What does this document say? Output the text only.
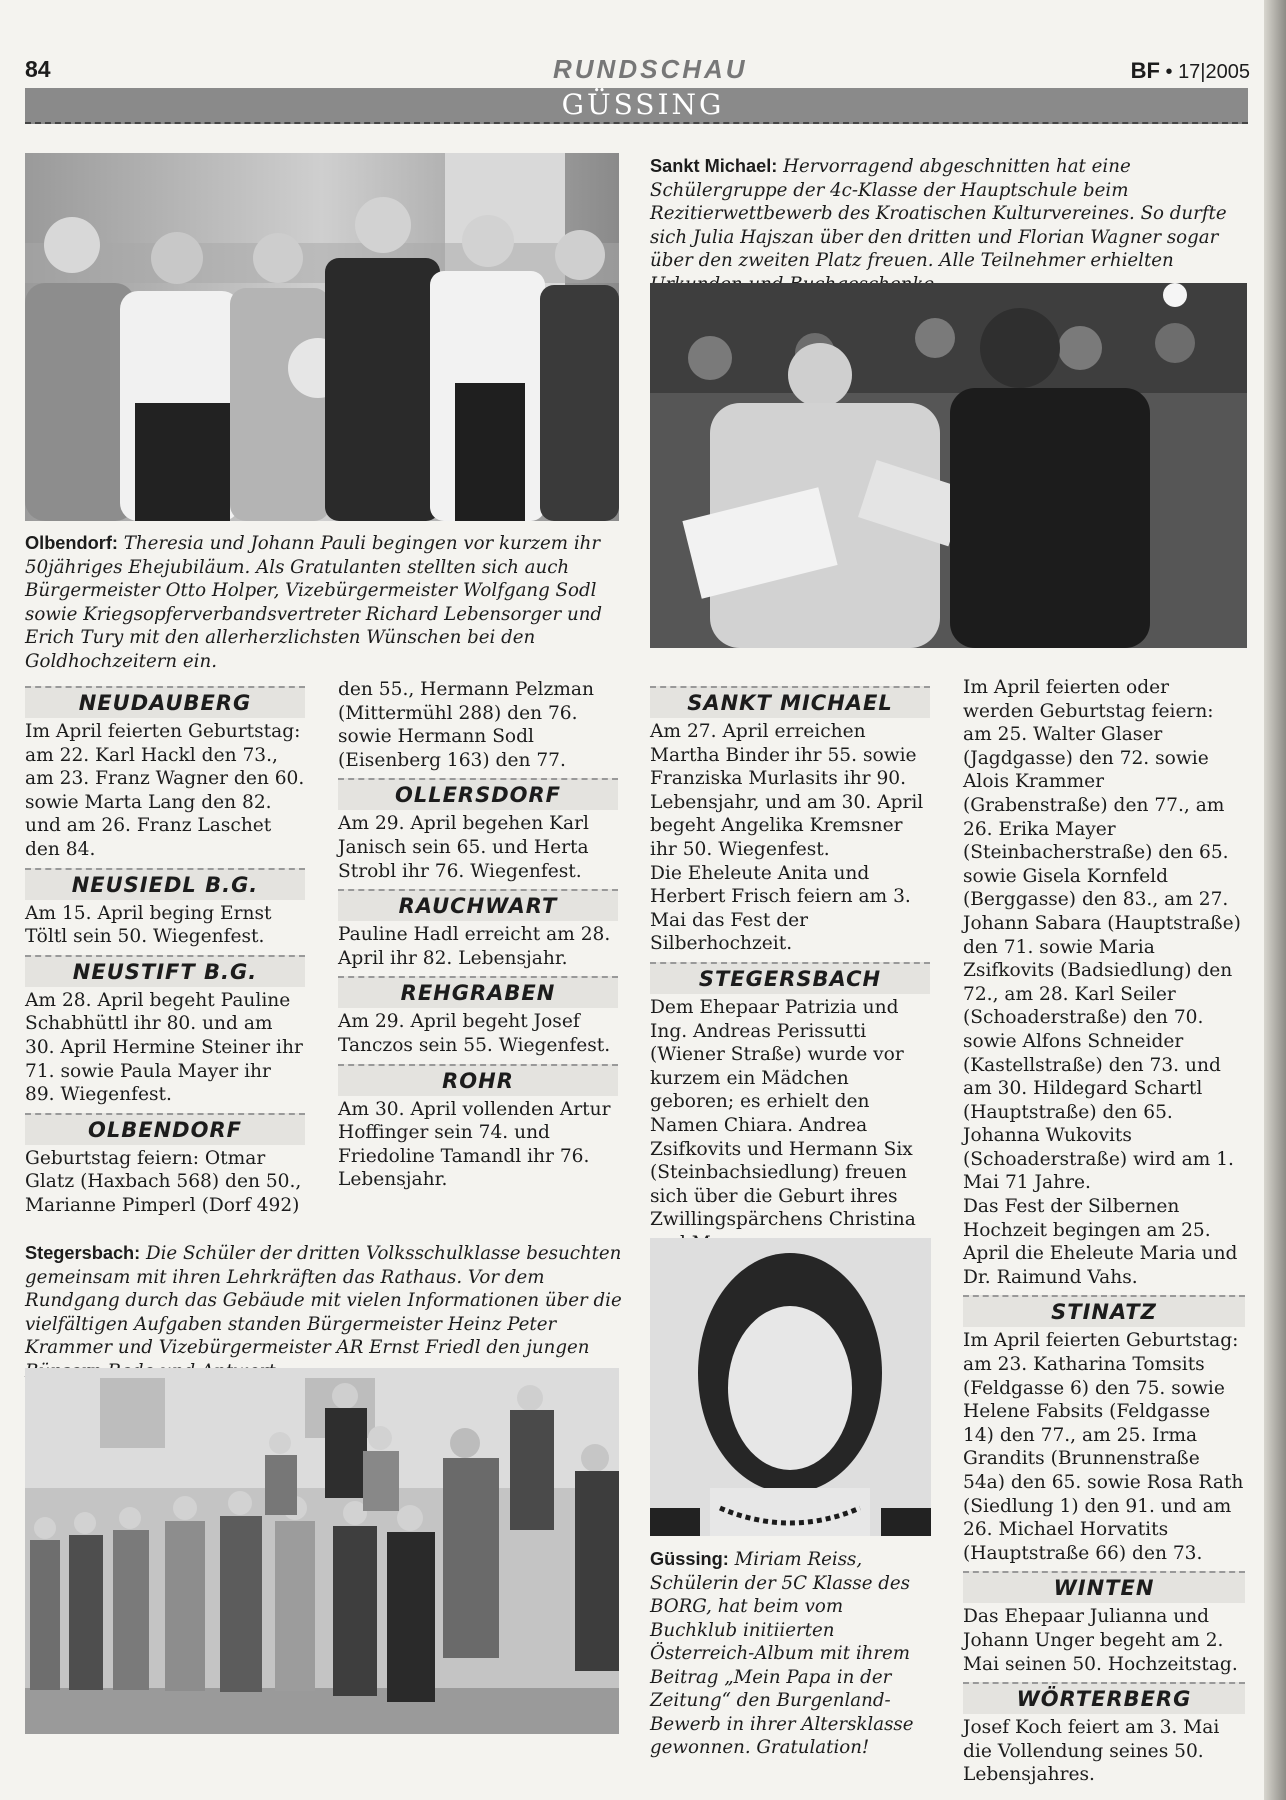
84	RUNDSCHAU	BF • 17|2005
GÜSSING
Olbendorf: Theresia und Johann Pauli begingen vor kurzem ihr 50jähriges Ehejubiläum. Als Gratulanten stellten sich auch Bürgermeister Otto Holper, Vizebürgermeister Wolfgang Sodl sowie Kriegsopferverbandsvertreter Richard Lebensorger und Erich Tury mit den allerherzlichsten Wünschen bei den Goldhochzeitern ein.
Sankt Michael: Hervorragend abgeschnitten hat eine Schülergruppe der 4c-Klasse der Hauptschule beim Rezitierwettbewerb des Kroatischen Kulturvereines. So durfte sich Julia Hajszan über den dritten und Florian Wagner sogar über den zweiten Platz freuen. Alle Teilnehmer erhielten
NEUDAUBERG

Im April feierten Geburtstag: am 22. Karl Hackl den 73., am 23. Franz Wagner den 60. sowie Marta Lang den 82. und am 26. Franz Laschet den 84.

NEUSIEDL B.G.

Am 15. April beging Ernst Töltl sein 50. Wiegenfest.

NEUSTIFT B.G.

Am 28. April begeht Pauline Schabhüttl ihr 80. und am 30. April Hermine Steiner ihr 71. sowie Paula Mayer ihr 89. Wiegenfest.

OLBENDORF

Geburtstag feiern: Otmar Glatz (Haxbach 568) den 50., Marianne Pimperl (Dorf 492)

den 55., Hermann Pelzman (Mittermühl 288) den 76. sowie Hermann Sodl (Eisenberg 163) den 77.

OLLERSDORF

Am 29. April begehen Karl Janisch sein 65. und Herta Strobl ihr 76. Wiegenfest.

RAUCHWART

Pauline Hadl erreicht am 28. April ihr 82. Lebensjahr.

REHGRABEN

Am 29. April begeht Josef Tanczos sein 55. Wiegenfest.

ROHR

Am 30. April vollenden Artur Hoffinger sein 74. und Friedoline Tamandl ihr 76. Lebensjahr.

SANKT MICHAEL

Am 27. April erreichen Martha Binder ihr 55. sowie Franziska Murlasits ihr 90. Lebensjahr, und am 30. April begeht Angelika Kremsner ihr 50. Wiegenfest.

Die Eheleute Anita und Herbert Frisch feiern am 3. Mai das Fest der Silberhochzeit.

STEGERSBACH

Dem Ehepaar Patrizia und Ing. Andreas Perissutti (Wiener Straße) wurde vor kurzem ein Mädchen geboren; es erhielt den Namen Chiara. Andrea Zsifkovits und Hermann Six (Steinbachsiedlung) freuen sich über die Geburt ihres Zwillingspärchens Christina

Im April feierten oder werden Geburtstag feiern: am 25. Walter Glaser (Jagdgasse) den 72. sowie Alois Krammer (Grabenstraße) den 77., am 26. Erika Mayer (Steinbacherstraße) den 65. sowie Gisela Kornfeld (Berggasse) den 83., am 27. Johann Sabara (Hauptstraße) den 71. sowie Maria Zsifkovits (Badsiedlung) den 72., am 28. Karl Seiler (Schoaderstraße) den 70. sowie Alfons Schneider (Kastellstraße) den 73. und am 30. Hildegard Schartl (Hauptstraße) den 65. Johanna Wukovits (Schoaderstraße) wird am 1. Mai 71 Jahre.

Das Fest der Silbernen Hochzeit begingen am 25. April die Eheleute Maria und Dr. Raimund Vahs.

STINATZ

Im April feierten Geburtstag: am 23. Katharina Tomsits (Feldgasse 6) den 75. sowie Helene Fabsits (Feldgasse 14) den 77., am 25. Irma Grandits (Brunnenstraße 54a) den 65. sowie Rosa Rath (Siedlung 1) den 91. und am 26. Michael Horvatits (Hauptstraße 66) den 73.

WINTEN

Das Ehepaar Julianna und Johann Unger begeht am 2. Mai seinen 50. Hochzeitstag.

WÖRTERBERG

Josef Koch feiert am 3. Mai die Vollendung seines 50. Lebensjahres.

Stegersbach: Die Schüler der dritten Volksschulklasse besuchten gemeinsam mit ihren Lehrkräften das Rathaus. Vor dem Rundgang durch das Gebäude mit vielen Informationen über die vielfältigen Aufgaben standen Bürgermeister Heinz Peter Krammer und Vizebürgermeister AR Ernst Friedl den jungen
Güssing: Miriam Reiss, Schülerin der 5C Klasse des BORG, hat beim vom Buchklub initiierten Österreich-Album mit ihrem Beitrag „Mein Papa in der Zeitung“ den Burgenland-Bewerb in ihrer Altersklasse gewonnen. Gratulation!
